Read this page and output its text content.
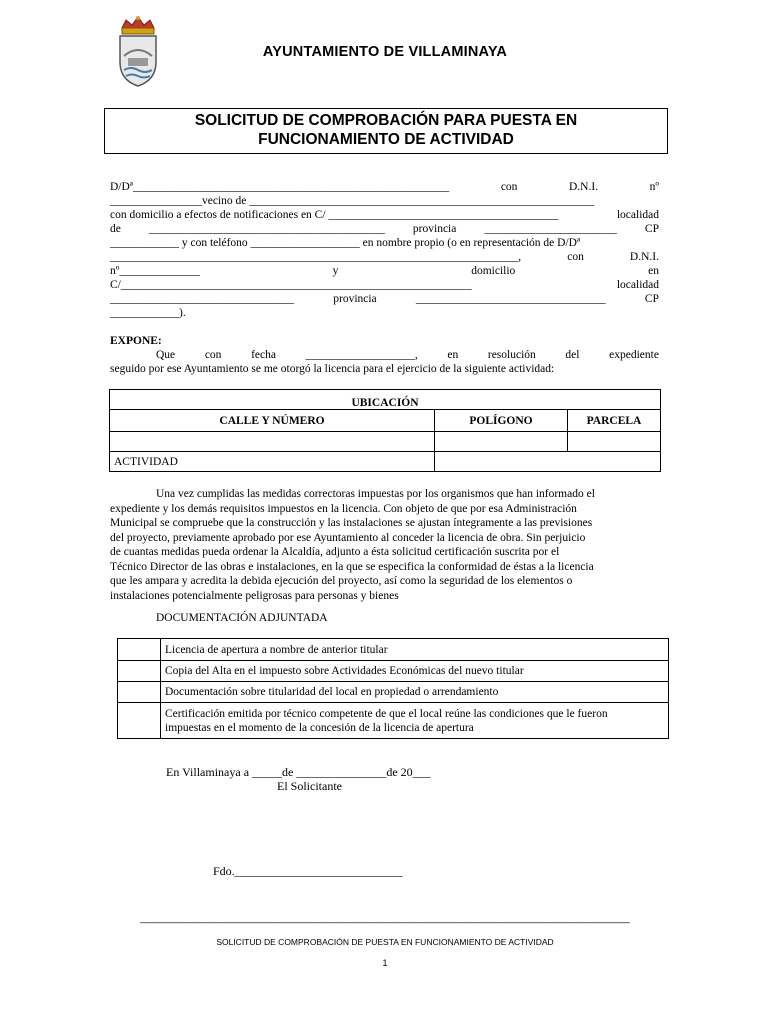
AYUNTAMIENTO DE VILLAMINAYA
SOLICITUD DE COMPROBACIÓN PARA PUESTA EN
FUNCIONAMIENTO DE ACTIVIDAD
D/Dª_______________________________________________________	con	D.N.I.	nº
________________vecino de ____________________________________________________________
con domicilio a efectos de notificaciones en C/ ________________________________________	localidad
de _________________________________________ provincia _______________________ CP
____________ y con teléfono ___________________ en nombre propio (o en representación de D/Dª
_______________________________________________________________________,	con	D.N.I.
nº______________	y	domicilio	en
C/_____________________________________________________________	localidad
________________________________	provincia	_________________________________	CP
____________).
EXPONE:
Que	con	fecha	___________________,	en	resolución	del	expediente
seguido por ese Ayuntamiento se me otorgó la licencia para el ejercicio de la siguiente actividad:
UBICACIÓN		
CALLE Y NÚMERO	POLÍGONO	PARCELA

ACTIVIDAD		
Una vez cumplidas las medidas correctoras impuestas por los organismos que han informado el
expediente y los demás requisitos impuestos en la licencia. Con objeto de que por esa Administración
Municipal se compruebe que la construcción y las instalaciones se ajustan íntegramente a las previsiones
del proyecto, previamente aprobado por ese Ayuntamiento al conceder la licencia de obra. Sin perjuicio
de cuantas medidas pueda ordenar la Alcaldía, adjunto a ésta solicitud certificación suscrita por el
Técnico Director de las obras e instalaciones, en la que se especifica la conformidad de éstas a la licencia
que les ampara y acredita la debida ejecución del proyecto, así como la seguridad de los elementos o
instalaciones potencialmente peligrosas para personas y bienes
DOCUMENTACIÓN ADJUNTADA
	Licencia de apertura a nombre de anterior titular
	Copia del Alta en el impuesto sobre Actividades Económicas del nuevo titular
	Documentación sobre titularidad del local en propiedad o arrendamiento

	Certificación emitida por técnico competente de que el local reúne las condiciones que le fueron
impuestas en el momento de la concesión de la licencia de apertura
En Villaminaya a _____de _______________de 20___
El Solicitante
Fdo.____________________________
________________________________________________________________________________________
SOLICITUD DE COMPROBACIÓN DE PUESTA EN FUNCIONAMIENTO DE ACTIVIDAD
1
